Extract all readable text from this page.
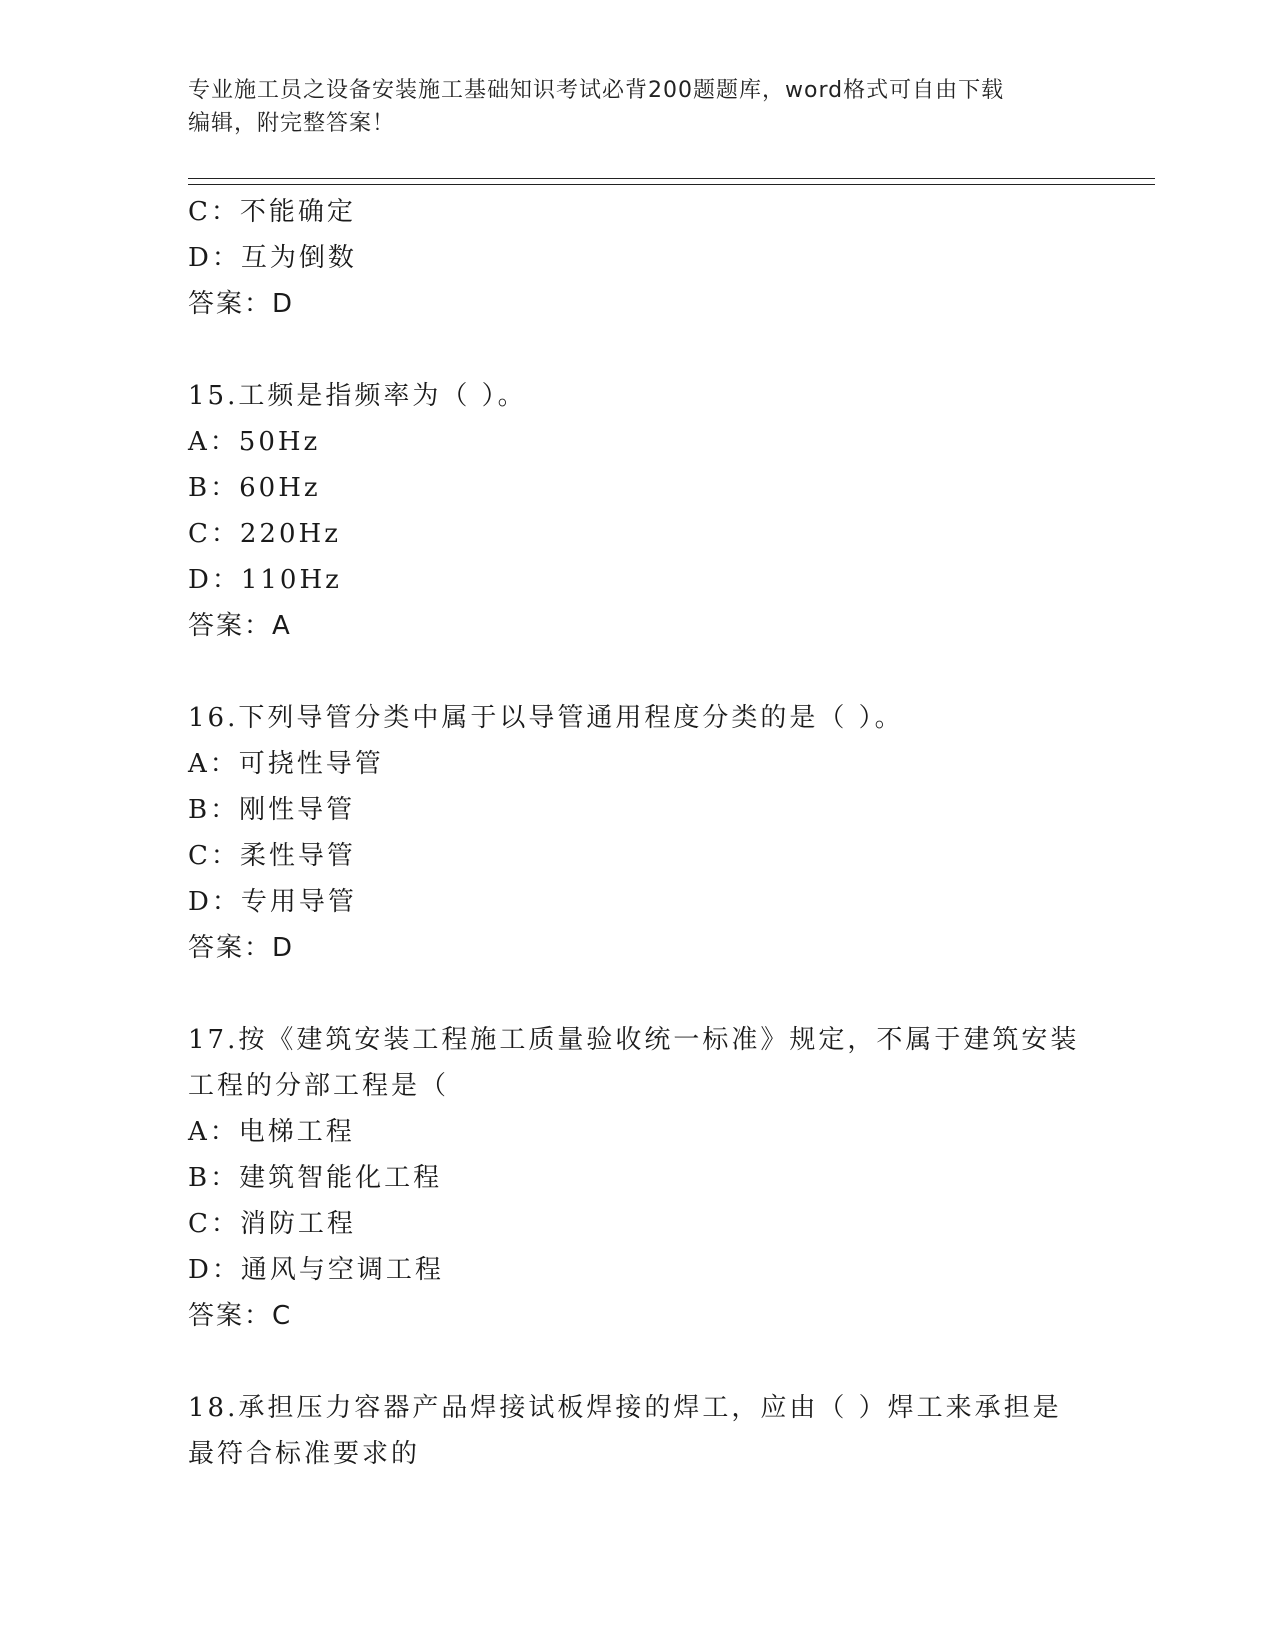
专业施工员之设备安装施工基础知识考试必背200题题库，word格式可自由下载
编辑，附完整答案！
C：不能确定
D：互为倒数
答案：D
15.工频是指频率为（ ）。
A：50Hz
B：60Hz
C：220Hz
D：110Hz
答案：A
16.下列导管分类中属于以导管通用程度分类的是（ ）。
A：可挠性导管
B：刚性导管
C：柔性导管
D：专用导管
答案：D
17.按《建筑安装工程施工质量验收统一标准》规定，不属于建筑安装
工程的分部工程是（
A：电梯工程
B：建筑智能化工程
C：消防工程
D：通风与空调工程
答案：C
18.承担压力容器产品焊接试板焊接的焊工，应由（ ）焊工来承担是
最符合标准要求的
